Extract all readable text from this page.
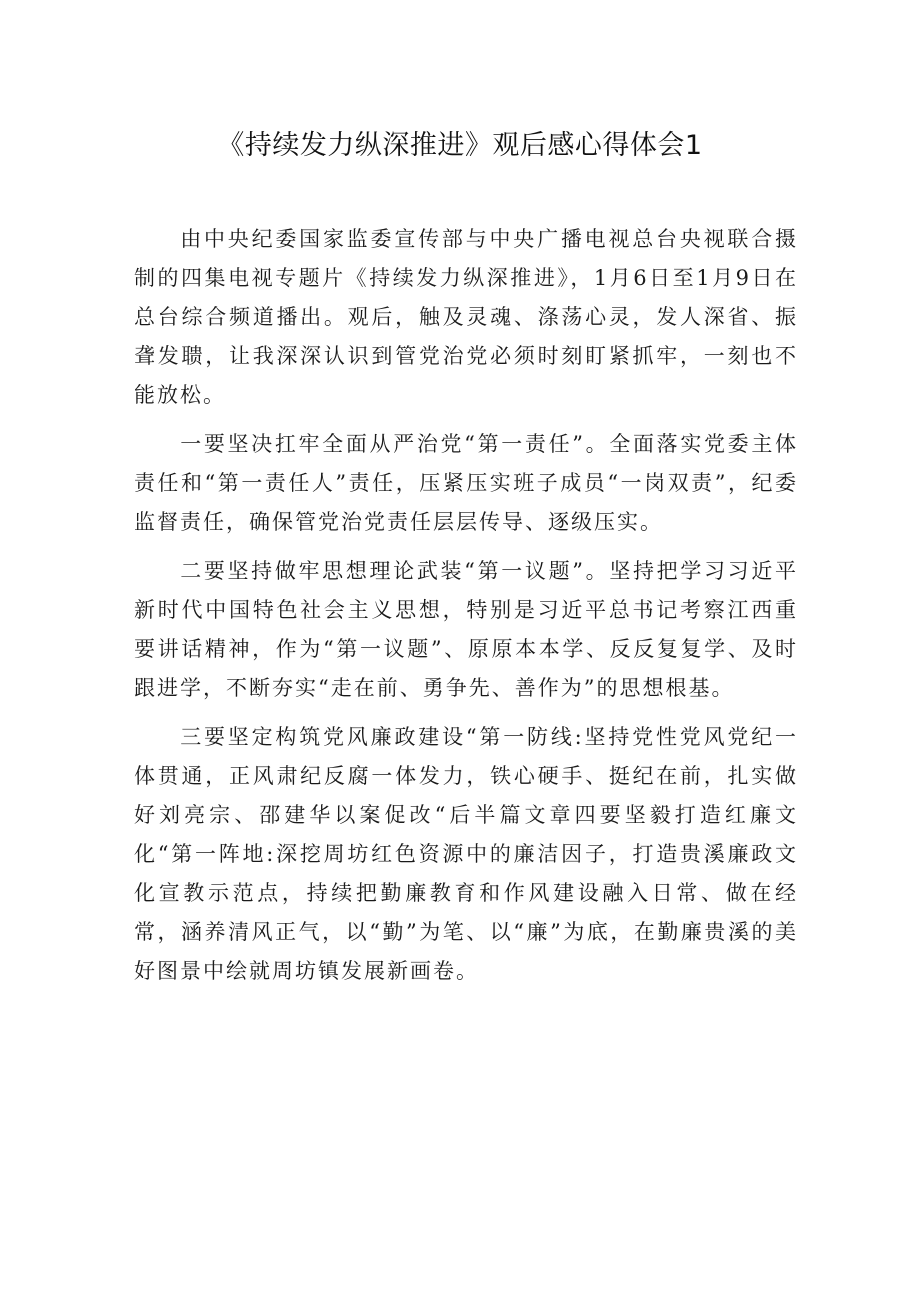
《持续发力纵深推进》观后感心得体会1

由中央纪委国家监委宣传部与中央广播电视总台央视联合摄制的四集电视专题片《持续发力纵深推进》，1月6日至1月9日在总台综合频道播出。观后，触及灵魂、涤荡心灵，发人深省、振聋发聩，让我深深认识到管党治党必须时刻盯紧抓牢，一刻也不能放松。

一要坚决扛牢全面从严治党“第一责任”。全面落实党委主体责任和“第一责任人”责任，压紧压实班子成员“一岗双责”，纪委监督责任，确保管党治党责任层层传导、逐级压实。

二要坚持做牢思想理论武装“第一议题”。坚持把学习习近平新时代中国特色社会主义思想，特别是习近平总书记考察江西重要讲话精神，作为“第一议题”、原原本本学、反反复复学、及时跟进学，不断夯实“走在前、勇争先、善作为”的思想根基。

三要坚定构筑党风廉政建设“第一防线:坚持党性党风党纪一体贯通，正风肃纪反腐一体发力，铁心硬手、挺纪在前，扎实做好刘亮宗、邵建华以案促改“后半篇文章四要坚毅打造红廉文化“第一阵地:深挖周坊红色资源中的廉洁因子，打造贵溪廉政文化宣教示范点，持续把勤廉教育和作风建设融入日常、做在经常，涵养清风正气，以“勤”为笔、以“廉”为底，在勤廉贵溪的美好图景中绘就周坊镇发展新画卷。
